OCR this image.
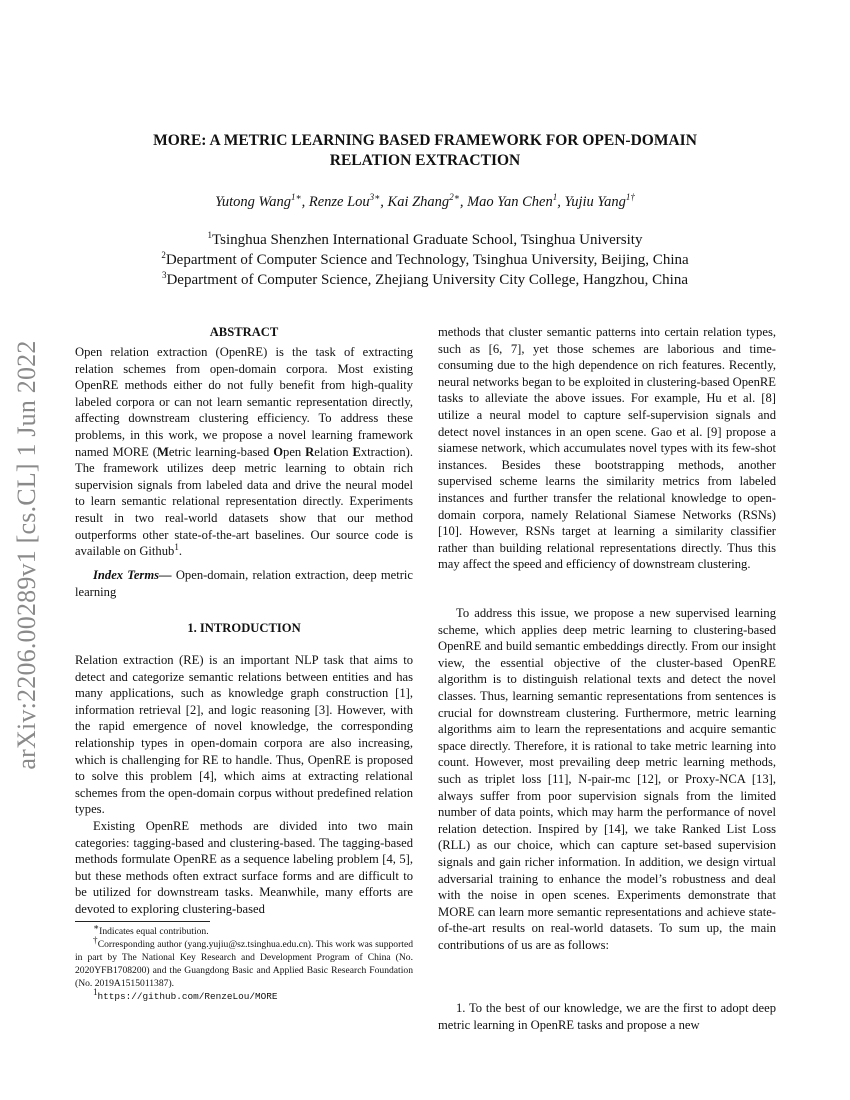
arXiv:2206.00289v1 [cs.CL] 1 Jun 2022
MORE: A METRIC LEARNING BASED FRAMEWORK FOR OPEN-DOMAIN
RELATION EXTRACTION
Yutong Wang$^{1∗}$, Renze Lou$^{3∗}$, Kai Zhang$^{2∗}$, Mao Yan Chen$^1$, Yujiu Yang$^{1\dagger}$
$^1$Tsinghua Shenzhen International Graduate School, Tsinghua University
$^2$Department of Computer Science and Technology, Tsinghua University, Beijing, China
$^3$Department of Computer Science, Zhejiang University City College, Hangzhou, China
ABSTRACT

Open relation extraction (OpenRE) is the task of extracting relation schemes from open-domain corpora. Most existing OpenRE methods either do not fully benefit from high-quality labeled corpora or can not learn semantic representation directly, affecting downstream clustering efficiency. To address these problems, in this work, we propose a novel learning framework named MORE (Metric learning-based Open Relation Extraction). The framework utilizes deep metric learning to obtain rich supervision signals from labeled data and drive the neural model to learn semantic relational representation directly. Experiments result in two real-world datasets show that our method outperforms other state-of-the-art baselines. Our source code is available on Github$^1$.

Index Terms— Open-domain, relation extraction, deep metric learning

1. INTRODUCTION

Relation extraction (RE) is an important NLP task that aims to detect and categorize semantic relations between entities and has many applications, such as knowledge graph construction [1], information retrieval [2], and logic reasoning [3]. However, with the rapid emergence of novel knowledge, the corresponding relationship types in open-domain corpora are also increasing, which is challenging for RE to handle. Thus, OpenRE is proposed to solve this problem [4], which aims at extracting relational schemes from the open-domain corpus without predefined relation types.

Existing OpenRE methods are divided into two main categories: tagging-based and clustering-based. The tagging-based methods formulate OpenRE as a sequence labeling problem [4, 5], but these methods often extract surface forms and are difficult to be utilized for downstream tasks. Meanwhile, many efforts are devoted to exploring clustering-based

∗Indicates equal contribution.

†Corresponding author (yang.yujiu@sz.tsinghua.edu.cn). This work was supported in part by The National Key Research and Development Program of China (No. 2020YFB1708200) and the Guangdong Basic and Applied Basic Research Foundation (No. 2019A1515011387).

$^1$https://github.com/RenzeLou/MORE

methods that cluster semantic patterns into certain relation types, such as [6, 7], yet those schemes are laborious and time-consuming due to the high dependence on rich features. Recently, neural networks began to be exploited in clustering-based OpenRE tasks to alleviate the above issues. For example, Hu et al. [8] utilize a neural model to capture self-supervision signals and detect novel instances in an open scene. Gao et al. [9] propose a siamese network, which accumulates novel types with its few-shot instances. Besides these bootstrapping methods, another supervised scheme learns the similarity metrics from labeled instances and further transfer the relational knowledge to open-domain corpora, namely Relational Siamese Networks (RSNs) [10]. However, RSNs target at learning a similarity classifier rather than building relational representations directly. Thus this may affect the speed and efficiency of downstream clustering.

To address this issue, we propose a new supervised learning scheme, which applies deep metric learning to clustering-based OpenRE and build semantic embeddings directly. From our insight view, the essential objective of the cluster-based OpenRE algorithm is to distinguish relational texts and detect the novel classes. Thus, learning semantic representations from sentences is crucial for downstream clustering. Furthermore, metric learning algorithms aim to learn the representations and acquire semantic space directly. Therefore, it is rational to take metric learning into count. However, most prevailing deep metric learning methods, such as triplet loss [11], N-pair-mc [12], or Proxy-NCA [13], always suffer from poor supervision signals from the limited number of data points, which may harm the performance of novel relation detection. Inspired by [14], we take Ranked List Loss (RLL) as our choice, which can capture set-based supervision signals and gain richer information. In addition, we design virtual adversarial training to enhance the model’s robustness and deal with the noise in open scenes. Experiments demonstrate that MORE can learn more semantic representations and achieve state-of-the-art results on real-world datasets. To sum up, the main contributions of us are as follows:

1. To the best of our knowledge, we are the first to adopt deep metric learning in OpenRE tasks and propose a new
